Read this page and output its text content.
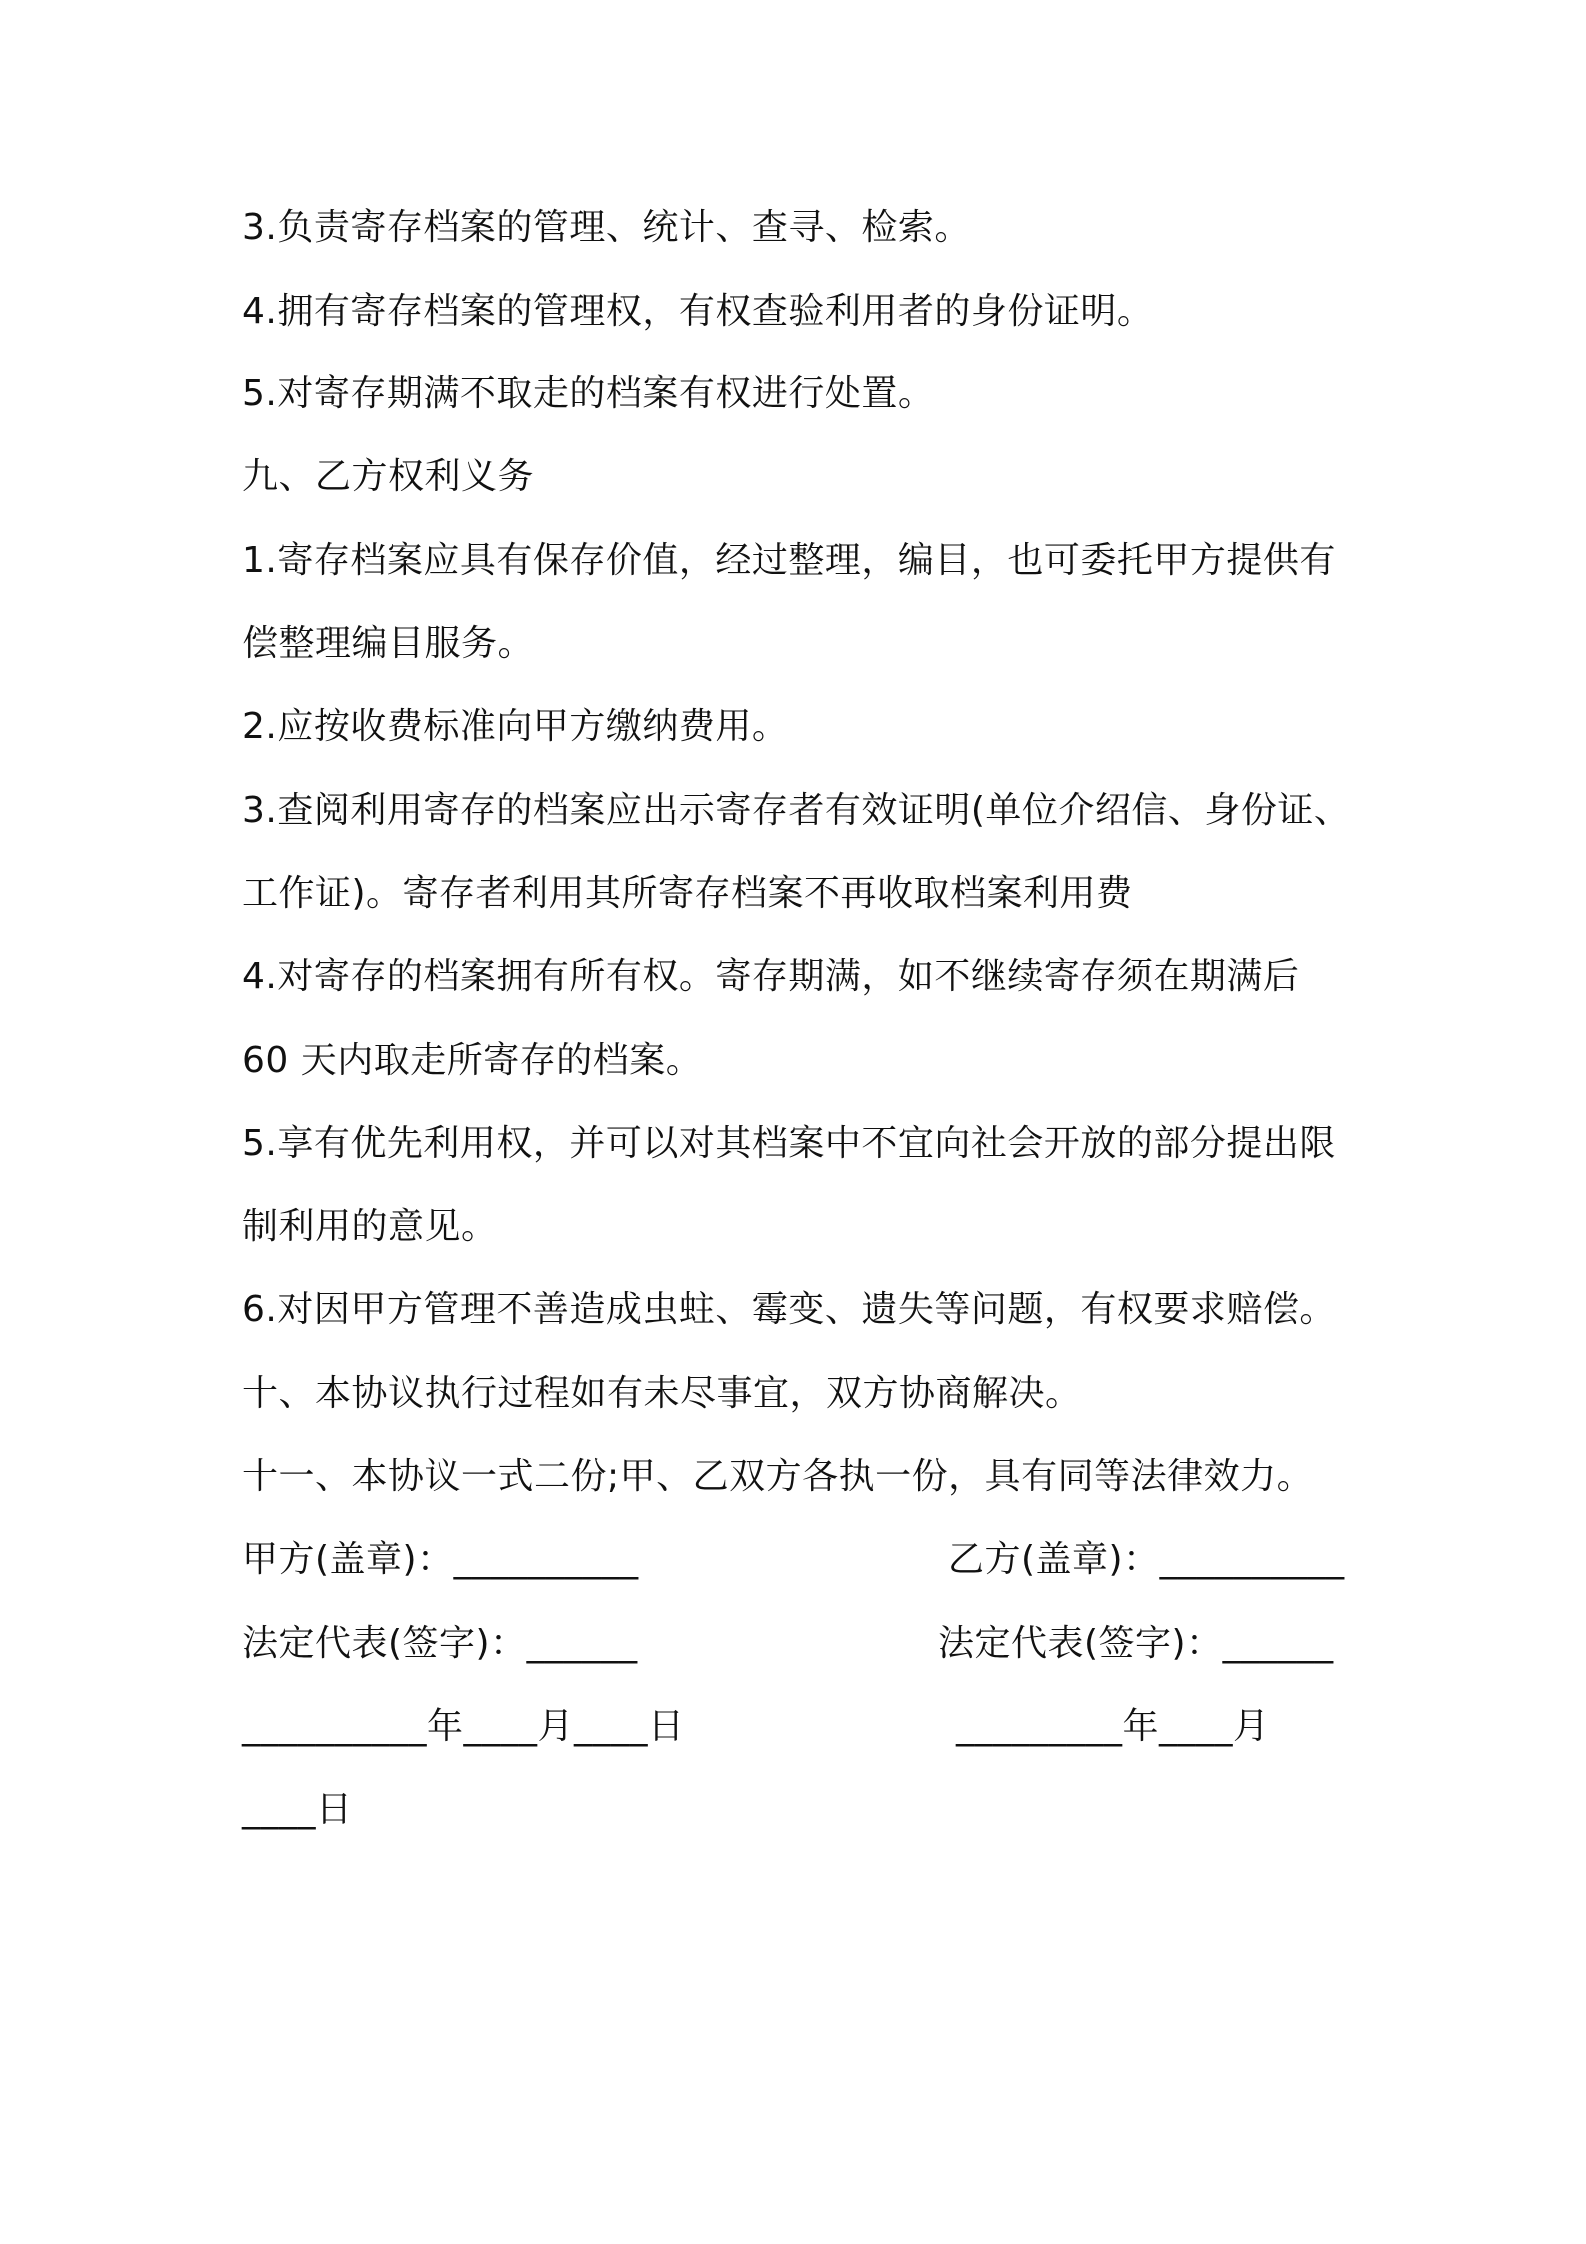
3.负责寄存档案的管理、统计、查寻、检索。
4.拥有寄存档案的管理权，有权查验利用者的身份证明。
5.对寄存期满不取走的档案有权进行处置。
九、乙方权利义务
1.寄存档案应具有保存价值，经过整理，编目，也可委托甲方提供有
偿整理编目服务。
2.应按收费标准向甲方缴纳费用。
3.查阅利用寄存的档案应出示寄存者有效证明(单位介绍信、身份证、
工作证)。寄存者利用其所寄存档案不再收取档案利用费
4.对寄存的档案拥有所有权。寄存期满，如不继续寄存须在期满后
60 天内取走所寄存的档案。
5.享有优先利用权，并可以对其档案中不宜向社会开放的部分提出限
制利用的意见。
6.对因甲方管理不善造成虫蛀、霉变、遗失等问题，有权要求赔偿。
十、本协议执行过程如有未尽事宜，双方协商解决。
十一、本协议一式二份;甲、乙双方各执一份，具有同等法律效力。
甲方(盖章)：__________	乙方(盖章)：__________
法定代表(签字)：______	法定代表(签字)：______
__________年____月____日	_________年____月
____日
